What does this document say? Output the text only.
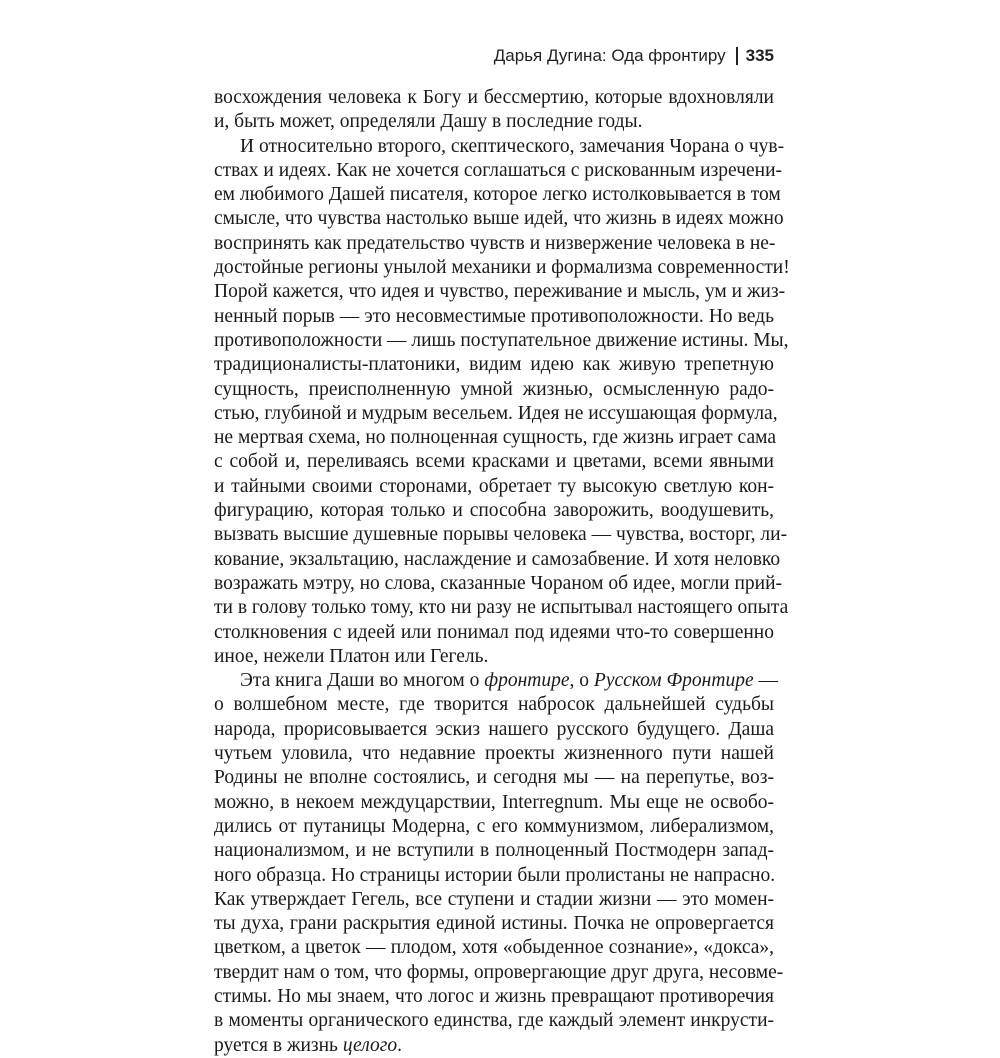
Дарья Дугина: Ода фронтиру 335
восхождения человека к Богу и бессмертию, которые вдохновляли
и, быть может, определяли Дашу в последние годы.
И относительно второго, скептического, замечания Чорана о чув-
ствах и идеях. Как не хочется соглашаться с рискованным изречени-
ем любимого Дашей писателя, которое легко истолковывается в том
смысле, что чувства настолько выше идей, что жизнь в идеях можно
воспринять как предательство чувств и низвержение человека в не-
достойные регионы унылой механики и формализма современности!
Порой кажется, что идея и чувство, переживание и мысль, ум и жиз-
ненный порыв — это несовместимые противоположности. Но ведь
противоположности — лишь поступательное движение истины. Мы,
традиционалисты-платоники, видим идею как живую трепетную
сущность, преисполненную умной жизнью, осмысленную радо-
стью, глубиной и мудрым весельем. Идея не иссушающая формула,
не мертвая схема, но полноценная сущность, где жизнь играет сама
с собой и, переливаясь всеми красками и цветами, всеми явными
и тайными своими сторонами, обретает ту высокую светлую кон-
фигурацию, которая только и способна заворожить, воодушевить,
вызвать высшие душевные порывы человека — чувства, восторг, ли-
кование, экзальтацию, наслаждение и самозабвение. И хотя неловко
возражать мэтру, но слова, сказанные Чораном об идее, могли прий-
ти в голову только тому, кто ни разу не испытывал настоящего опыта
столкновения с идеей или понимал под идеями что-то совершенно
иное, нежели Платон или Гегель.
Эта книга Даши во многом о фронтире, о Русском Фронтире —
о волшебном месте, где творится набросок дальнейшей судьбы
народа, прорисовывается эскиз нашего русского будущего. Даша
чутьем уловила, что недавние проекты жизненного пути нашей
Родины не вполне состоялись, и сегодня мы — на перепутье, воз-
можно, в некоем междуцарствии, Interregnum. Мы еще не освобо-
дились от путаницы Модерна, с его коммунизмом, либерализмом,
национализмом, и не вступили в полноценный Постмодерн запад-
ного образца. Но страницы истории были пролистаны не напрасно.
Как утверждает Гегель, все ступени и стадии жизни — это момен-
ты духа, грани раскрытия единой истины. Почка не опровергается
цветком, а цветок — плодом, хотя «обыденное сознание», «докса»,
твердит нам о том, что формы, опровергающие друг друга, несовме-
стимы. Но мы знаем, что логос и жизнь превращают противоречия
в моменты органического единства, где каждый элемент инкрусти-
руется в жизнь целого.
